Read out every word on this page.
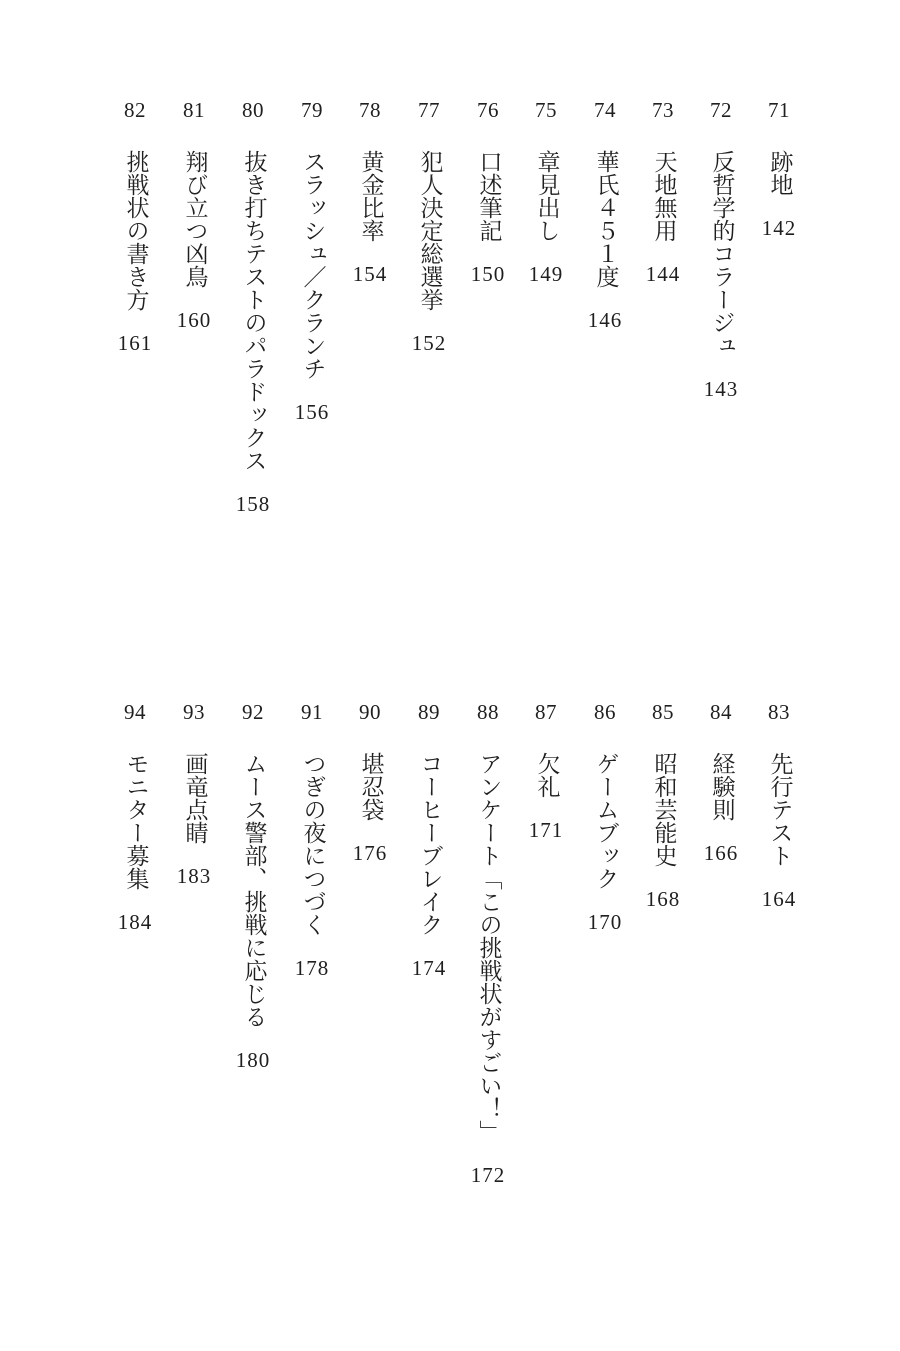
71
跡地
142
72
反哲学的コラージュ
143
73
天地無用
144
74
華氏４５１度
146
75
章見出し
149
76
口述筆記
150
77
犯人決定総選挙
152
78
黄金比率
154
79
スラッシュ／クランチ
156
80
抜き打ちテストのパラドックス
158
81
翔び立つ凶鳥
160
82
挑戦状の書き方
161
83
先行テスト
164
84
経験則
166
85
昭和芸能史
168
86
ゲームブック
170
87
欠礼
171
88
アンケート「この挑戦状がすごい！」
172
89
コーヒーブレイク
174
90
堪忍袋
176
91
つぎの夜につづく
178
92
ムース警部、挑戦に応じる
180
93
画竜点睛
183
94
モニター募集
184
